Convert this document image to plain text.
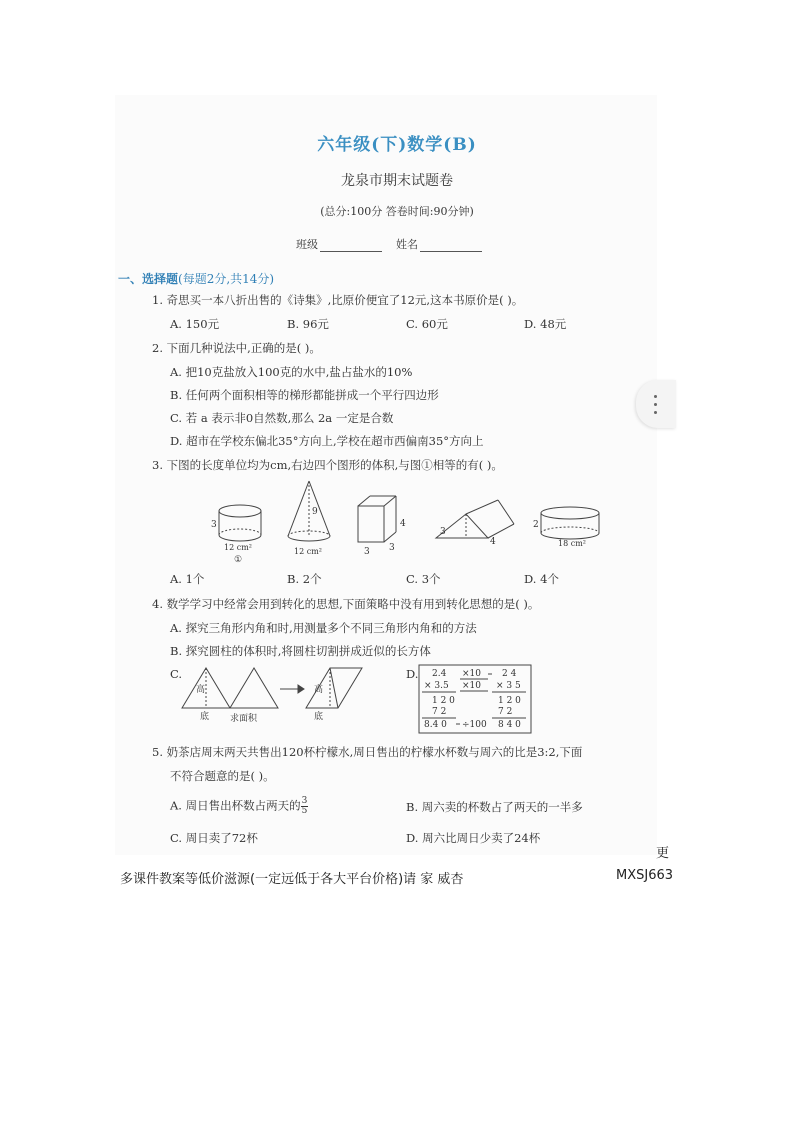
六年级(下)数学(B)
龙泉市期末试题卷
(总分:100分 答卷时间:90分钟)
班级	姓名
一、选择题(每题2分,共14分)
1. 奇思买一本八折出售的《诗集》,比原价便宜了12元,这本书原价是( )。
A. 150元	B. 96元	C. 60元	D. 48元
2. 下面几种说法中,正确的是( )。
A. 把10克盐放入100克的水中,盐占盐水的10%
B. 任何两个面积相等的梯形都能拼成一个平行四边形
C. 若 a 表示非0自然数,那么 2a 一定是合数
D. 超市在学校东偏北35°方向上,学校在超市西偏南35°方向上
3. 下图的长度单位均为cm,右边四个图形的体积,与图①相等的有( )。
3
12 cm²
①
9
12 cm²
4
3 3
3
4
2
18 cm²
A. 1个	B. 2个	C. 3个	D. 4个
4. 数学学习中经常会用到转化的思想,下面策略中没有用到转化思想的是( )。
A. 探究三角形内角和时,用测量多个不同三角形内角和的方法
B. 探究圆柱的体积时,将圆柱切割拼成近似的长方体
C.	D.
高
底 求面积
高
底
2.4
× 3.5
1 2 0
7 2
8.4 0
×10
×10
÷100
2 4
× 3 5
1 2 0
7 2
8 4 0
5. 奶茶店周末两天共售出120杯柠檬水,周日售出的柠檬水杯数与周六的比是3:2,下面
不符合题意的是( )。
A. 周日售出杯数占两天的 $\frac{3}{5}$	B. 周六卖的杯数占了两天的一半多
C. 周日卖了72杯	D. 周六比周日少卖了24杯
更
多课件教案等低价滋源(一定远低于各大平台价格)请 家 威杏	MXSJ663
